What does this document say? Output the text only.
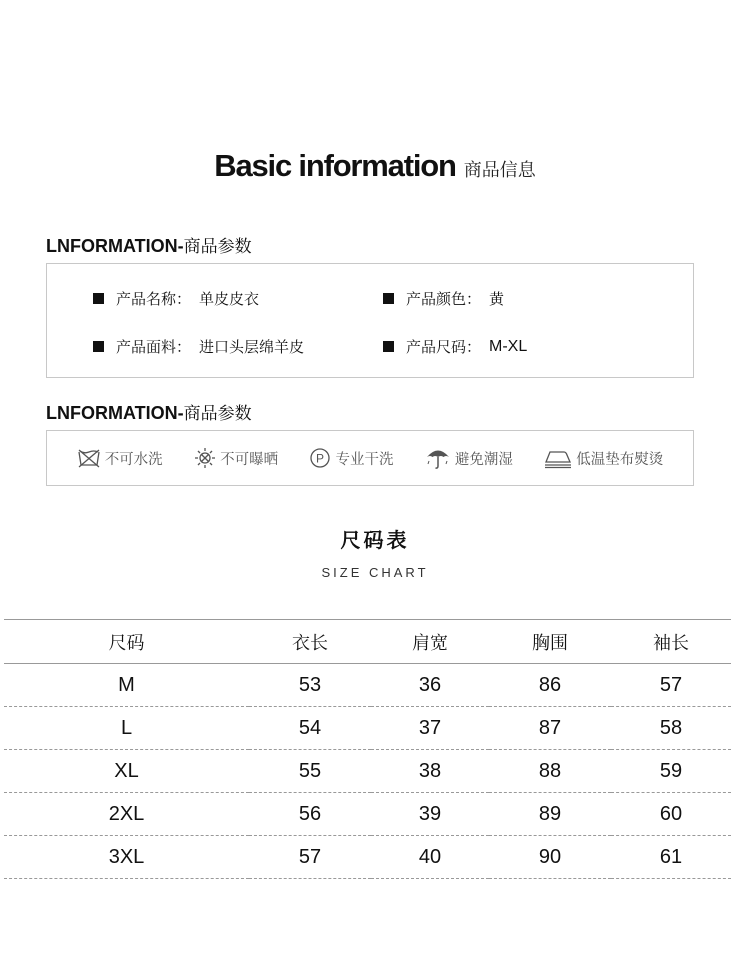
Basic information 商品信息
LNFORMATION-商品参数
产品名称： 单皮皮衣	产品颜色： 黄
产品面料： 进口头层绵羊皮	产品尺码： M-XL
LNFORMATION-商品参数
不可水洗	不可曝晒	P 专业干洗	避免潮湿	低温垫布熨烫
尺码表
SIZE CHART
尺码	衣长	肩宽	胸围	袖长
M	53	36	86	57
L	54	37	87	58
XL	55	38	88	59
2XL	56	39	89	60
3XL	57	40	90	61
